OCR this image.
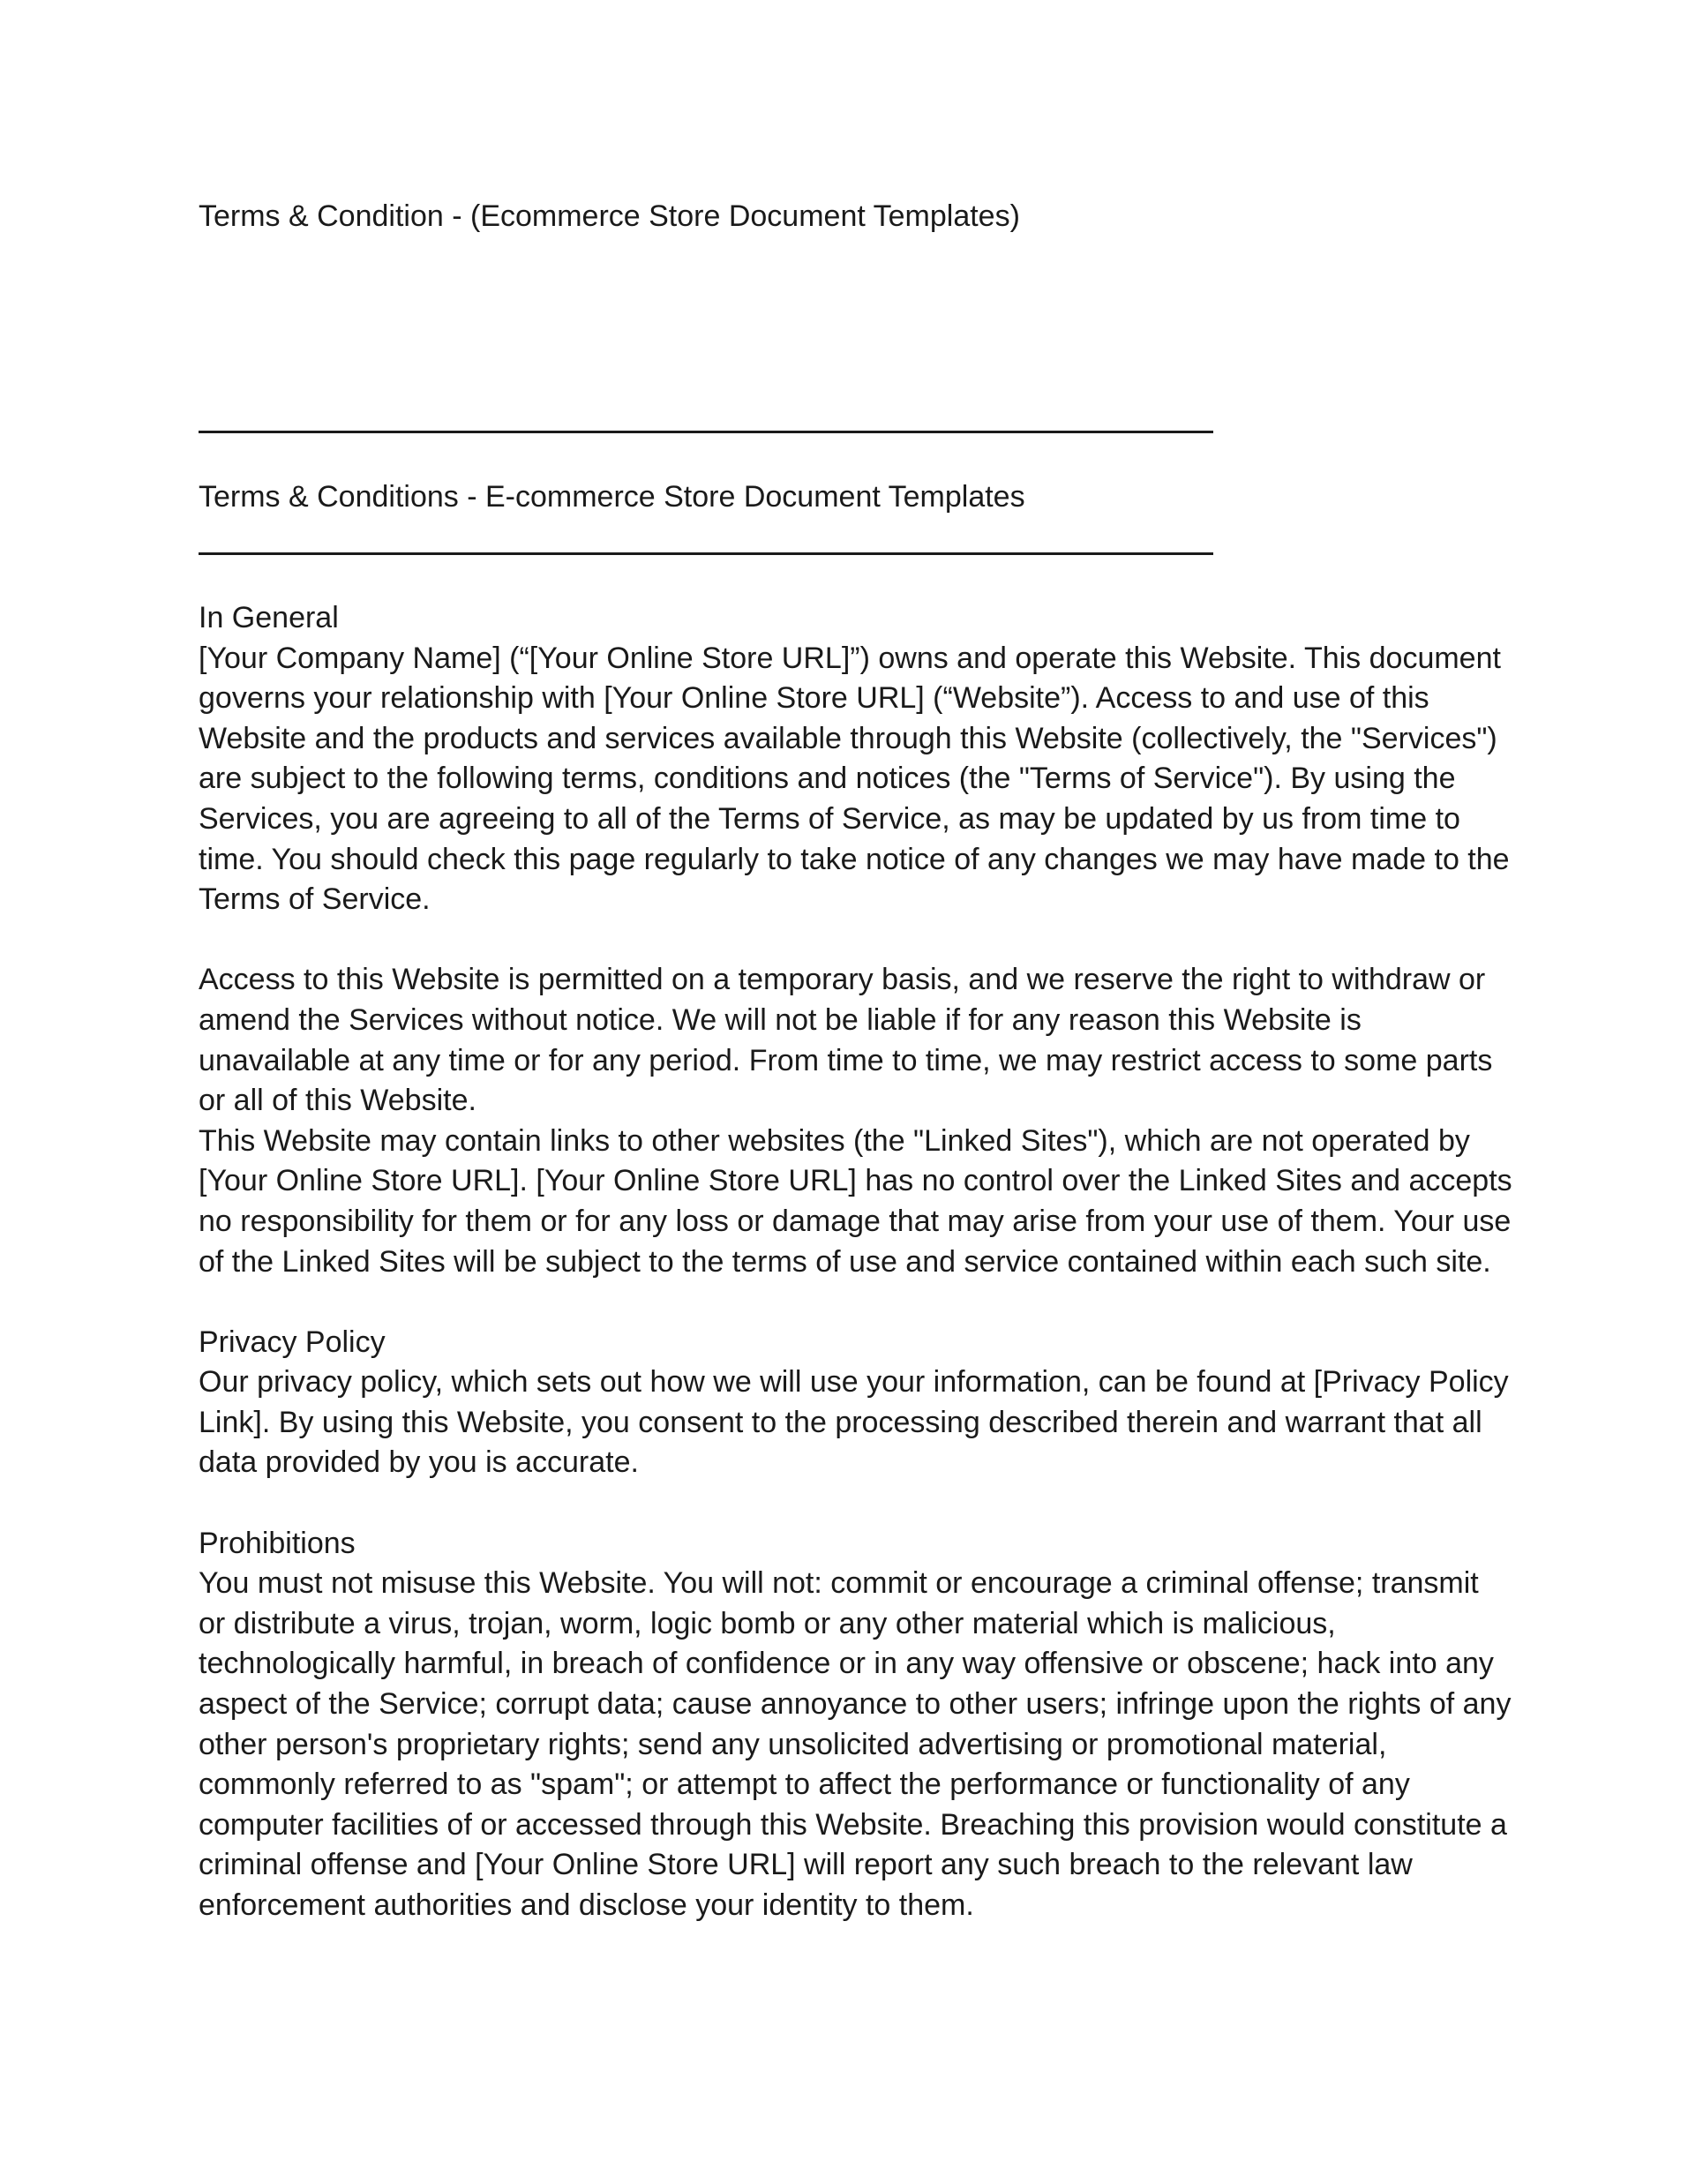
Terms & Condition - (Ecommerce Store Document Templates)
Terms & Conditions - E-commerce Store Document Templates
In General

[Your Company Name] (“[Your Online Store URL]”) owns and operate this Website. This document governs your relationship with [Your Online Store URL] (“Website”). Access to and use of this Website and the products and services available through this Website (collectively, the "Services") are subject to the following terms, conditions and notices (the "Terms of Service"). By using the Services, you are agreeing to all of the Terms of Service, as may be updated by us from time to time. You should check this page regularly to take notice of any changes we may have made to the Terms of Service.

Access to this Website is permitted on a temporary basis, and we reserve the right to withdraw or amend the Services without notice. We will not be liable if for any reason this Website is unavailable at any time or for any period. From time to time, we may restrict access to some parts or all of this Website.

This Website may contain links to other websites (the "Linked Sites"), which are not operated by [Your Online Store URL]. [Your Online Store URL] has no control over the Linked Sites and accepts no responsibility for them or for any loss or damage that may arise from your use of them. Your use of the Linked Sites will be subject to the terms of use and service contained within each such site.

Privacy Policy

Our privacy policy, which sets out how we will use your information, can be found at [Privacy Policy Link]. By using this Website, you consent to the processing described therein and warrant that all data provided by you is accurate.

Prohibitions

You must not misuse this Website. You will not: commit or encourage a criminal offense; transmit or distribute a virus, trojan, worm, logic bomb or any other material which is malicious, technologically harmful, in breach of confidence or in any way offensive or obscene; hack into any aspect of the Service; corrupt data; cause annoyance to other users; infringe upon the rights of any other person's proprietary rights; send any unsolicited advertising or promotional material, commonly referred to as "spam"; or attempt to affect the performance or functionality of any computer facilities of or accessed through this Website. Breaching this provision would constitute a criminal offense and [Your Online Store URL] will report any such breach to the relevant law enforcement authorities and disclose your identity to them.
